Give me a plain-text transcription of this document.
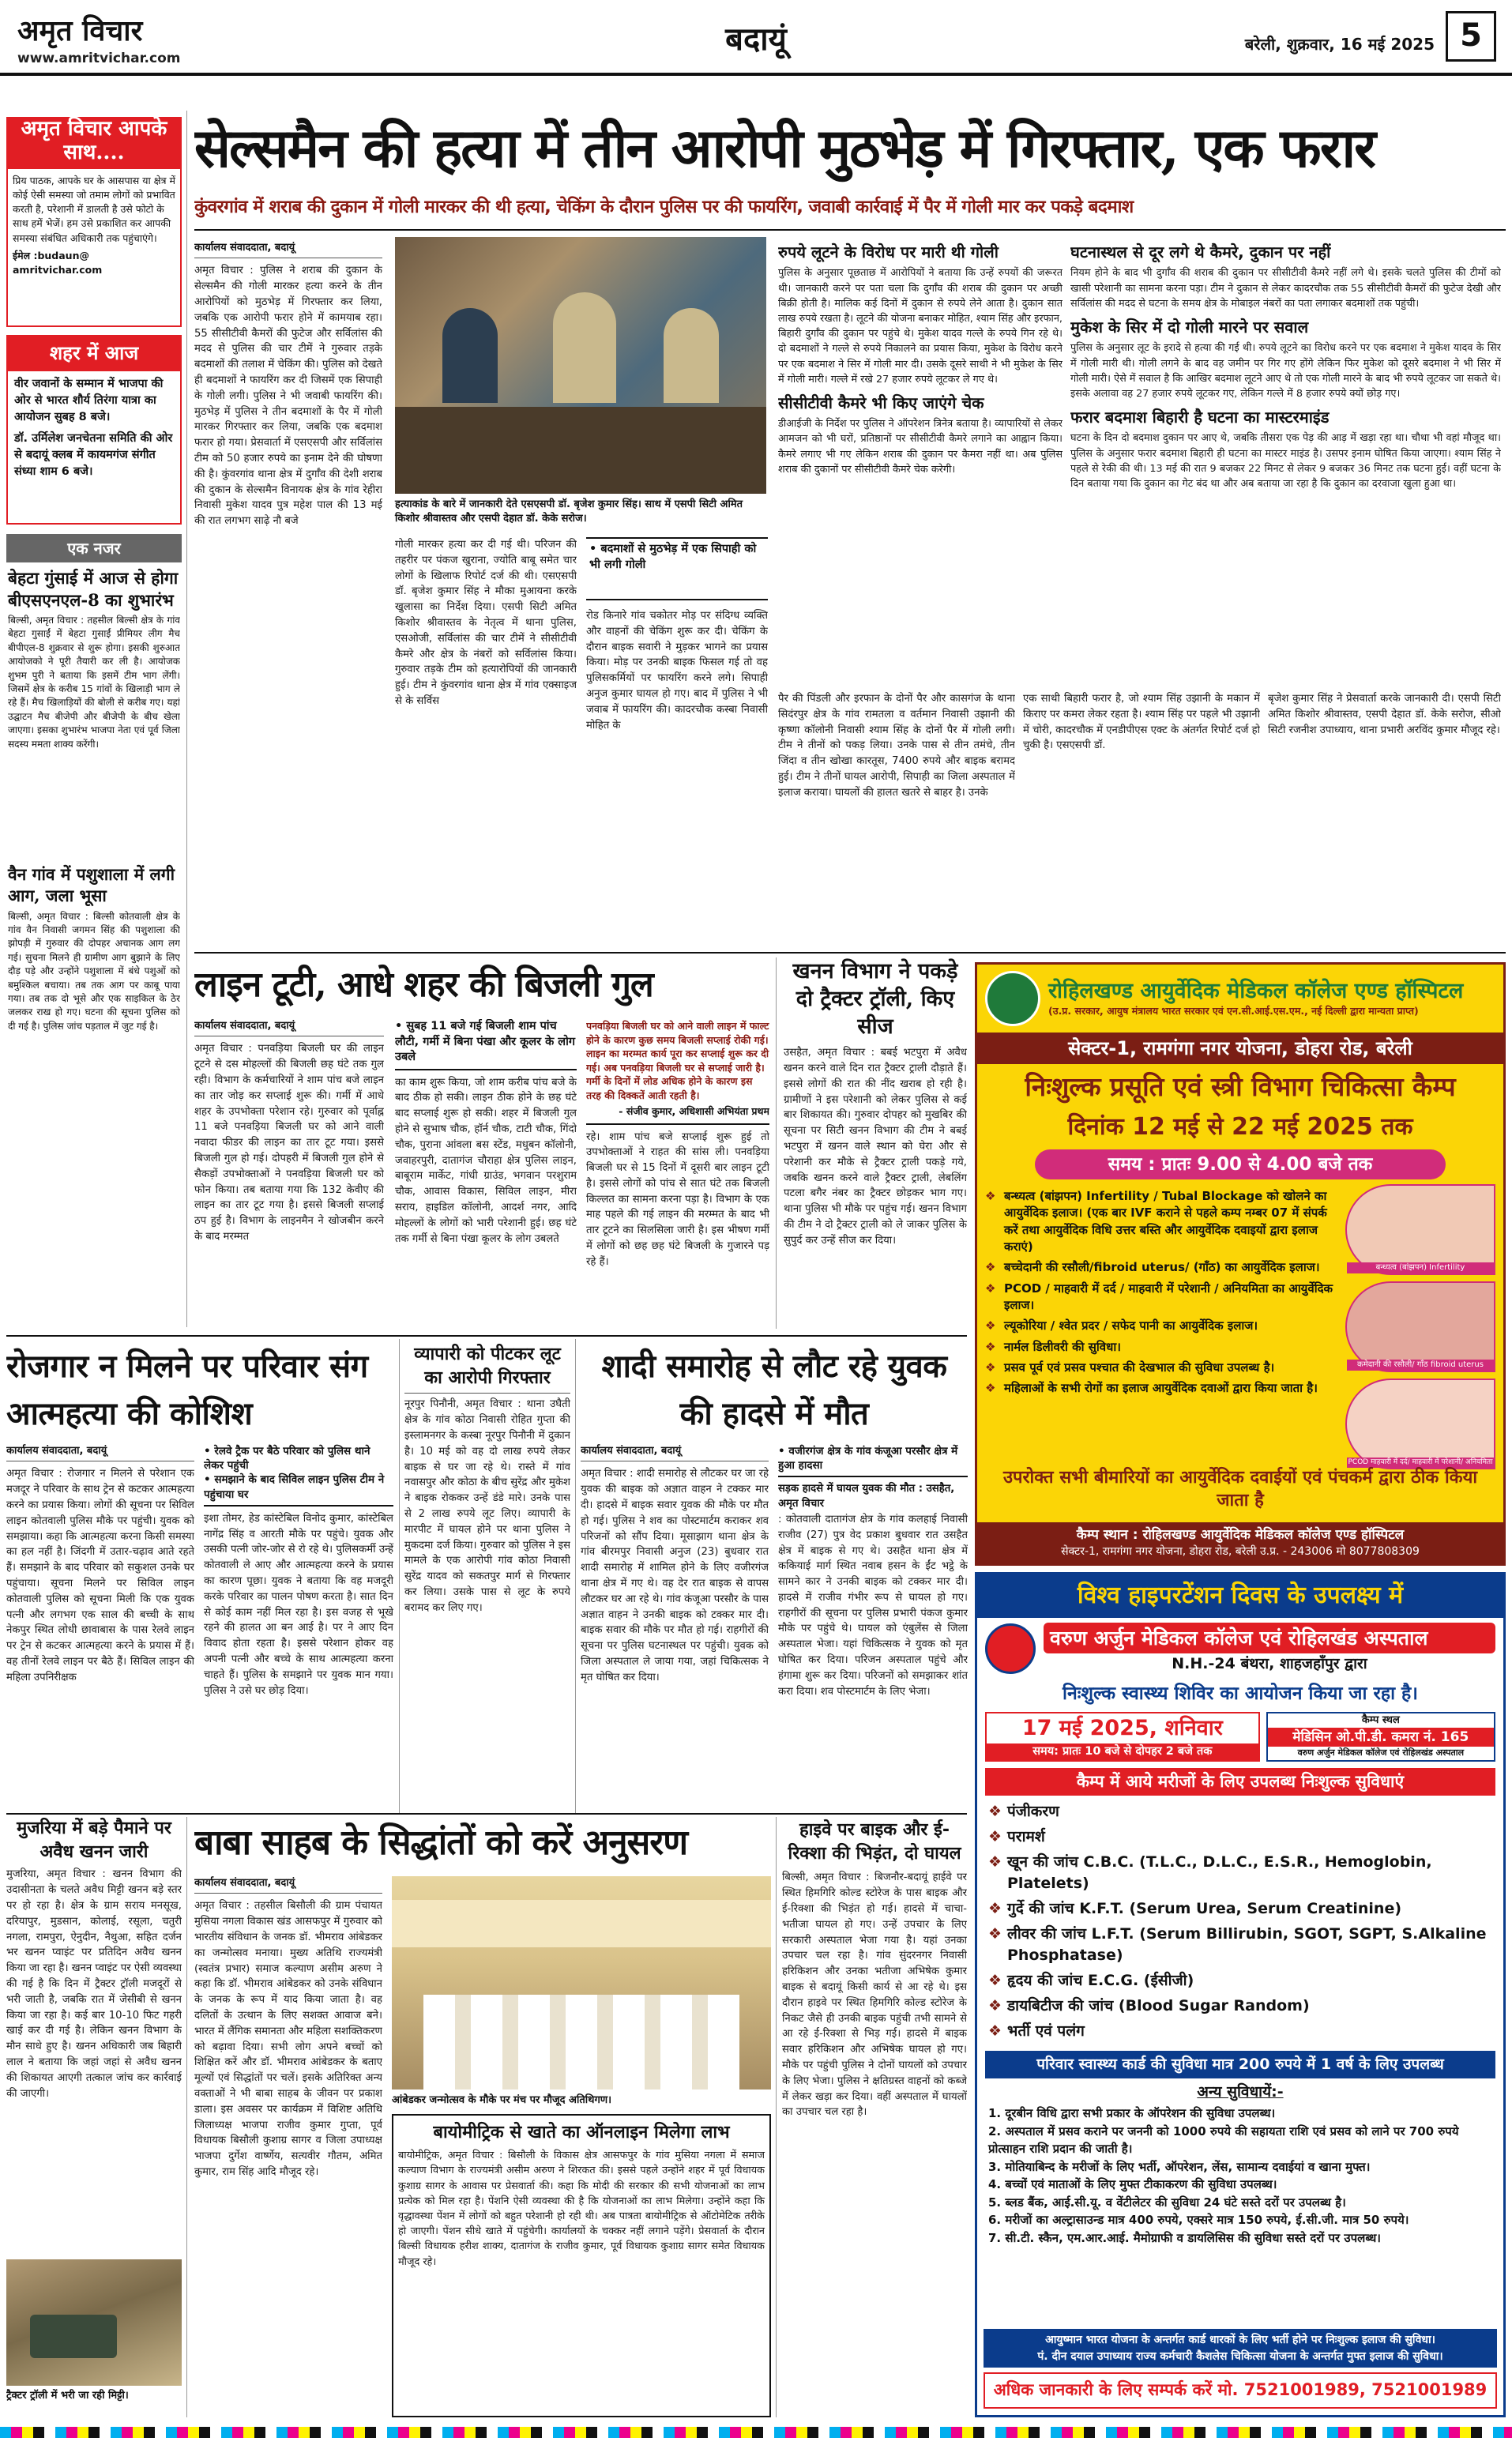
अमृत विचार
www.amritvichar.com
बदायूं	बरेली, शुक्रवार, 16 मई 2025 5
अमृत विचार आपके साथ....
प्रिय पाठक, आपके घर के आसपास या क्षेत्र में कोई ऐसी समस्या जो तमाम लोगों को प्रभावित करती है, परेशानी में डालती है उसे फोटो के साथ हमें भेजें। हम उसे प्रकाशित कर आपकी समस्या संबंधित अधिकारी तक पहुंचाएंगे।
ईमेल :budaun@ amritvichar.com
शहर में आज
वीर जवानों के सम्मान में भाजपा की ओर से भारत शौर्य तिरंगा यात्रा का आयोजन सुबह 8 बजे।
डॉ. उर्मिलेश जनचेतना समिति की ओर से बदायूं क्लब में कायमगंज संगीत संध्या शाम 6 बजे।
एक नजर
बेहटा गुंसाई में आज से होगा बीएसएनएल-8 का शुभारंभ
बिल्सी, अमृत विचार : तहसील बिल्सी क्षेत्र के गांव बेहटा गुसाईं में बेहटा गुसाईं प्रीमियर लीग मैच बीपीएल-8 शुक्रवार से शुरू होगा। इसकी शुरुआत आयोजको ने पूरी तैयारी कर ली है। आयोजक शुभम पुरी ने बताया कि इसमें टीम भाग लेंगी। जिसमें क्षेत्र के करीब 15 गांवों के खिलाड़ी भाग ले रहे हैं। मैच खिलाड़ियों की बोली से करीब गए। यहां उद्घाटन मैच बीजेपी और बीजेपी के बीच खेला जाएगा। इसका शुभारंभ भाजपा नेता एवं पूर्व जिला सदस्य ममता शाक्य करेंगी।
वैन गांव में पशुशाला में लगी आग, जला भूसा
बिल्सी, अमृत विचार : बिल्सी कोतवाली क्षेत्र के गांव वैन निवासी जगमन सिंह की पशुशाला की झोपड़ी में गुरुवार की दोपहर अचानक आग लग गई। सुचना मिलने ही ग्रामीण आग बुझाने के लिए दौड़ पड़े और उन्होंने पशुशाला में बंधे पशुओं को बमुश्किल बचाया। तब तक आग पर काबू पाया गया। तब तक दो भूसे और एक साइकिल के ठेर जलकर राख हो गए। घटना की सूचना पुलिस को दी गई है। पुलिस जांच पड़ताल में जुट गई है।
सेल्समैन की हत्या में तीन आरोपी मुठभेड़ में गिरफ्तार, एक फरार
कुंवरगांव में शराब की दुकान में गोली मारकर की थी हत्या, चेकिंग के दौरान पुलिस पर की फायरिंग, जवाबी कार्रवाई में पैर में गोली मार कर पकड़े बदमाश
कार्यालय संवाददाता, बदायूं
अमृत विचार : पुलिस ने शराब की दुकान के सेल्समैन की गोली मारकर हत्या करने के तीन आरोपियों को मुठभेड़ में गिरफ्तार कर लिया, जबकि एक आरोपी फरार होने में कामयाब रहा। 55 सीसीटीवी कैमरों की फुटेज और सर्विलांस की मदद से पुलिस की चार टीमें ने गुरुवार तड़के बदमाशों की तलाश में चेकिंग की। पुलिस को देखते ही बदमाशों ने फायरिंग कर दी जिसमें एक सिपाही के गोली लगी। पुलिस ने भी जवाबी फायरिंग की। मुठभेड़ में पुलिस ने तीन बदमाशों के पैर में गोली मारकर गिरफ्तार कर लिया, जबकि एक बदमाश फरार हो गया। प्रेसवार्ता में एसएसपी और सर्विलांस टीम को 50 हजार रुपये का इनाम देने की घोषणा की है। कुंवरगांव थाना क्षेत्र में दुर्गाँव की देशी शराब की दुकान के सेल्समैन विनायक क्षेत्र के गांव रेहीरा निवासी मुकेश यादव पुत्र महेश पाल की 13 मई की रात लगभग साढ़े नौ बजे
हत्याकांड के बारे में जानकारी देते एसएसपी डॉ. बृजेश कुमार सिंह। साथ में एसपी सिटी अमित किशोर श्रीवास्तव और एसपी देहात डॉ. केके सरोज।
गोली मारकर हत्या कर दी गई थी। परिजन की तहरीर पर पंकज खुराना, ज्योति बाबू समेत चार लोगों के खिलाफ रिपोर्ट दर्ज की थी। एसएसपी डॉ. बृजेश कुमार सिंह ने मौका मुआयना करके खुलासा का निर्देश दिया। एसपी सिटी अमित किशोर श्रीवास्तव के नेतृत्व में थाना पुलिस, एसओजी, सर्विलांस की चार टीमें ने सीसीटीवी कैमरे और क्षेत्र के नंबरों को सर्विलांस किया। गुरुवार तड़के टीम को हत्यारोपियों की जानकारी हुई। टीम ने कुंवरगांव थाना क्षेत्र में गांव एक्साइज से के सर्विस
• बदमाशों से मुठभेड़ में एक सिपाही को भी लगी गोली
रोड किनारे गांव चकोतर मोड़ पर संदिग्ध व्यक्ति और वाहनों की चेकिंग शुरू कर दी। चेकिंग के दौरान बाइक सवारी ने मुड़कर भागने का प्रयास किया। मोड़ पर उनकी बाइक फिसल गई तो वह पुलिसकर्मियों पर फायरिंग करने लगे। सिपाही अनुज कुमार घायल हो गए। बाद में पुलिस ने भी जवाब में फायरिंग की। कादरचौक कस्बा निवासी मोहित के
रुपये लूटने के विरोध पर मारी थी गोली
पुलिस के अनुसार पूछताछ में आरोपियों ने बताया कि उन्हें रुपयों की जरूरत थी। जानकारी करने पर पता चला कि दुर्गाँव की शराब की दुकान पर अच्छी बिक्री होती है। मालिक कई दिनों में दुकान से रुपये लेने आता है। दुकान सात लाख रुपये रखता है। लूटने की योजना बनाकर मोहित, श्याम सिंह और इरफान, बिहारी दुर्गाँव की दुकान पर पहुंचे थे। मुकेश यादव गल्ले के रुपये गिन रहे थे। दो बदमाशों ने गल्ले से रुपये निकालने का प्रयास किया, मुकेश के विरोध करने पर एक बदमाश ने सिर में गोली मार दी। उसके दूसरे साथी ने भी मुकेश के सिर में गोली मारी। गल्ले में रखे 27 हजार रुपये लूटकर ले गए थे।
सीसीटीवी कैमरे भी किए जाएंगे चेक
डीआईजी के निर्देश पर पुलिस ने ऑपरेशन त्रिनेत्र बताया है। व्यापारियों से लेकर आमजन को भी घरों, प्रतिष्ठानों पर सीसीटीवी कैमरे लगाने का आह्वान किया। कैमरे लगाए भी गए लेकिन शराब की दुकान पर कैमरा नहीं था। अब पुलिस शराब की दुकानों पर सीसीटीवी कैमरे चेक करेगी।
घटनास्थल से दूर लगे थे कैमरे, दुकान पर नहीं
नियम होने के बाद भी दुर्गाँव की शराब की दुकान पर सीसीटीवी कैमरे नहीं लगे थे। इसके चलते पुलिस की टीमों को खासी परेशानी का सामना करना पड़ा। टीम ने दुकान से लेकर कादरचौक तक 55 सीसीटीवी कैमरों की फुटेज देखी और सर्विलांस की मदद से घटना के समय क्षेत्र के मोबाइल नंबरों का पता लगाकर बदमाशों तक पहुंची।
मुकेश के सिर में दो गोली मारने पर सवाल
पुलिस के अनुसार लूट के इरादे से हत्या की गई थी। रुपये लूटने का विरोध करने पर एक बदमाश ने मुकेश यादव के सिर में गोली मारी थी। गोली लगने के बाद वह जमीन पर गिर गए होंगे लेकिन फिर मुकेश को दूसरे बदमाश ने भी सिर में गोली मारी। ऐसे में सवाल है कि आखिर बदमाश लूटने आए थे तो एक गोली मारने के बाद भी रुपये लूटकर जा सकते थे। इसके अलावा वह 27 हजार रुपये लूटकर गए, लेकिन गल्ले में 8 हजार रुपये क्यों छोड़ गए।
फरार बदमाश बिहारी है घटना का मास्टरमाइंड
घटना के दिन दो बदमाश दुकान पर आए थे, जबकि तीसरा एक पेड़ की आड़ में खड़ा रहा था। चौथा भी वहां मौजूद था। पुलिस के अनुसार फरार बदमाश बिहारी ही घटना का मास्टर माइंड है। उसपर इनाम घोषित किया जाएगा। श्याम सिंह ने पहले से रेकी की थी। 13 मई की रात 9 बजकर 22 मिनट से लेकर 9 बजकर 36 मिनट तक घटना हुई। वहीं घटना के दिन बताया गया कि दुकान का गेट बंद था और अब बताया जा रहा है कि दुकान का दरवाजा खुला हुआ था।
पैर की पिंडली और इरफान के दोनों पैर और कासगंज के थाना सिदंरपुर क्षेत्र के गांव रामतला व वर्तमान निवासी उझानी की कृष्णा कॉलोनी निवासी श्याम सिंह के दोनों पैर में गोली लगी। टीम ने तीनों को पकड़ लिया। उनके पास से तीन तमंचे, तीन जिंदा व तीन खोखा कारतूस, 7400 रुपये और बाइक बरामद हुई। टीम ने तीनों घायल आरोपी, सिपाही का जिला अस्पताल में इलाज कराया। घायलों की हालत खतरे से बाहर है। उनके
एक साथी बिहारी फरार है, जो श्याम सिंह उझानी के मकान में किराए पर कमरा लेकर रहता है। श्याम सिंह पर पहले भी उझानी में चोरी, कादरचौक में एनडीपीएस एक्ट के अंतर्गत रिपोर्ट दर्ज हो चुकी है। एसएसपी डॉ.
बृजेश कुमार सिंह ने प्रेसवार्ता करके जानकारी दी। एसपी सिटी अमित किशोर श्रीवास्तव, एसपी देहात डॉ. केके सरोज, सीओ सिटी रजनीश उपाध्याय, थाना प्रभारी अरविंद कुमार मौजूद रहे।
लाइन टूटी, आधे शहर की बिजली गुल
कार्यालय संवाददाता, बदायूं
अमृत विचार : पनवड़िया बिजली घर की लाइन टूटने से दस मोहल्लों की बिजली छह घंटे तक गुल रही। विभाग के कर्मचारियों ने शाम पांच बजे लाइन का तार जोड़ कर सप्लाई शुरू की। गर्मी में आधे शहर के उपभोक्ता परेशान रहे। गुरुवार को पूर्वाह्न 11 बजे पनवड़िया बिजली घर को आने वाली नवादा फीडर की लाइन का तार टूट गया। इससे बिजली गुल हो गई। दोपहरी में बिजली गुल होने से सैकड़ों उपभोक्ताओं ने पनवड़िया बिजली घर को फोन किया। तब बताया गया कि 132 केवीए की लाइन का तार टूट गया है। इससे बिजली सप्लाई ठप हुई है। विभाग के लाइनमैन ने खोजबीन करने के बाद मरम्मत
• सुबह 11 बजे गई बिजली शाम पांच लौटी, गर्मी में बिना पंखा और कूलर के लोग उबले
का काम शुरू किया, जो शाम करीब पांच बजे के बाद ठीक हो सकी। लाइन ठीक होने के छह घंटे बाद सप्लाई शुरू हो सकी। शहर में बिजली गुल होने से सुभाष चौक, हॉर्न चौक, टाटी चौक, गिंदो चौक, पुराना आंवला बस स्टेंड, मधुबन कॉलोनी, जवाहरपुरी, दातागंज चौराहा क्षेत्र पुलिस लाइन, बाबूराम मार्केट, गांधी ग्राउंड, भगवान परशुराम चौक, आवास विकास, सिविल लाइन, मीरा सराय, हाइडिल कॉलोनी, आदर्श नगर, आदि मोहल्लों के लोगों को भारी परेशानी हुई। छह घंटे तक गर्मी से बिना पंखा कूलर के लोग उबलते
पनवड़िया बिजली घर को आने वाली लाइन में फाल्ट होने के कारण कुछ समय बिजली सप्लाई रोकी गई। लाइन का मरम्मत कार्य पूरा कर सप्लाई शुरू कर दी गई। अब पनवड़िया बिजली घर से सप्लाई जारी है। गर्मी के दिनों में लोड अधिक होने के कारण इस तरह की दिक्कतें आती रहती है।
- संजीव कुमार, अधिशासी अभियंता प्रथम
रहे। शाम पांच बजे सप्लाई शुरू हुई तो उपभोक्ताओं ने राहत की सांस ली। पनवड़िया बिजली घर से 15 दिनों में दूसरी बार लाइन टूटी है। इससे लोगों को पांच से सात घंटे तक बिजली किल्लत का सामना करना पड़ा है। विभाग के एक माह पहले की गई लाइन की मरम्मत के बाद भी तार टूटने का सिलसिला जारी है। इस भीषण गर्मी में लोगों को छह छह घंटे बिजली के गुजारने पड़ रहे हैं।
खनन विभाग ने पकड़े दो ट्रैक्टर ट्रॉली, किए सीज
उसहैत, अमृत विचार : बबई भटपुरा में अवैध खनन करने वाले दिन रात ट्रैक्टर ट्राली दौड़ाते हैं। इससे लोगों की रात की नींद खराब हो रही है। ग्रामीणों ने इस परेशानी को लेकर पुलिस से कई बार शिकायत की। गुरुवार दोपहर को मुखबिर की सूचना पर सिटी खनन विभाग की टीम ने बबई भटपुरा में खनन वाले स्थान को घेरा और से परेशानी कर मौके से ट्रैक्टर ट्राली पकड़े गये, जबकि खनन करने वाले ट्रैक्टर ट्राली, लेबलिंग पटला बगैर नंबर का ट्रैक्टर छोड़कर भाग गए। थाना पुलिस भी मौके पर पहुंच गई। खनन विभाग की टीम ने दो ट्रैक्टर ट्राली को ले जाकर पुलिस के सुपुर्द कर उन्हें सीज कर दिया।
रोहिलखण्ड आयुर्वेदिक मेडिकल कॉलेज एण्ड हॉस्पिटल
(उ.प्र. सरकार, आयुष मंत्रालय भारत सरकार एवं एन.सी.आई.एस.एम., नई दिल्ली द्वारा मान्यता प्राप्त)
सेक्टर-1, रामगंगा नगर योजना, डोहरा रोड, बरेली
निःशुल्क प्रसूति एवं स्त्री विभाग चिकित्सा कैम्प
दिनांक 12 मई से 22 मई 2025 तक
समय : प्रातः 9.00 से 4.00 बजे तक
❖ बन्ध्यत्व (बांझपन) Infertility / Tubal Blockage को खोलने का आयुर्वेदिक इलाज। (एक बार IVF कराने से पहले कम्प नम्बर 07 में संपर्क करें तथा आयुर्वेदिक विधि उत्तर बस्ति और आयुर्वेदिक दवाइयों द्वारा इलाज कराएं)
❖ बच्चेदानी की रसौली/fibroid uterus/ (गाँठ) का आयुर्वेदिक इलाज।
❖ PCOD / माहवारी में दर्द / माहवारी में परेशानी / अनियमिता का आयुर्वेदिक इलाज।
❖ ल्यूकोरिया / श्वेत प्रदर / सफेद पानी का आयुर्वेदिक इलाज।
❖ नार्मल डिलीवरी की सुविधा।
❖ प्रसव पूर्व एवं प्रसव पश्चात की देखभाल की सुविधा उपलब्ध है।
❖ महिलाओं के सभी रोगों का इलाज आयुर्वेदिक दवाओं द्वारा किया जाता है।
बन्ध्यत्व (बांझपन) Infertility
कमेदानी की रसौली/ गाँठ fibroid uterus
PCOD माहवारी में दर्द/ माहवारी में परेशानी/ अनियमिता
उपरोक्त सभी बीमारियों का आयुर्वेदिक दवाईयों एवं पंचकर्म द्वारा ठीक किया जाता है
कैम्प स्थान : रोहिलखण्ड आयुर्वेदिक मेडिकल कॉलेज एण्ड हॉस्पिटल
सेक्टर-1, रामगंगा नगर योजना, डोहरा रोड, बरेली उ.प्र. - 243006 मो 8077808309
रोजगार न मिलने पर परिवार संग आत्महत्या की कोशिश
कार्यालय संवाददाता, बदायूं
अमृत विचार : रोजगार न मिलने से परेशान एक मजदूर ने परिवार के साथ ट्रेन से कटकर आत्महत्या करने का प्रयास किया। लोगों की सूचना पर सिविल लाइन कोतवाली पुलिस मौके पर पहुंची। युवक को समझाया। कहा कि आत्महत्या करना किसी समस्या का हल नहीं है। जिंदगी में उतार-चढ़ाव आते रहते हैं। समझाने के बाद परिवार को सकुशल उनके घर पहुंचाया। सूचना मिलने पर सिविल लाइन कोतवाली पुलिस को सूचना मिली कि एक युवक पत्नी और लगभग एक साल की बच्ची के साथ नेकपुर स्थित लोधी छावाबास के पास रेलवे लाइन पर ट्रेन से कटकर आत्महत्या करने के प्रयास में हैं। वह तीनों रेलवे लाइन पर बैठे हैं। सिविल लाइन की महिला उपनिरीक्षक
• रेलवे ट्रैक पर बैठे परिवार को पुलिस थाने लेकर पहुंची
• समझाने के बाद सिविल लाइन पुलिस टीम ने पहुंचाया घर
इशा तोमर, हेड कांस्टेबिल विनोद कुमार, कांस्टेबिल नागेंद्र सिंह व आरती मौके पर पहुंचे। युवक और उसकी पत्नी जोर-जोर से रो रहे थे। पुलिसकर्मी उन्हें कोतवाली ले आए और आत्महत्या करने के प्रयास का कारण पूछा। युवक ने बताया कि वह मजदूरी करके परिवार का पालन पोषण करता है। सात दिन से कोई काम नहीं मिल रहा है। इस वजह से भूखे रहने की हालत आ बन आई है। पर ने आए दिन विवाद होता रहता है। इससे परेशान होकर वह अपनी पत्नी और बच्चे के साथ आत्महत्या करना चाहते हैं। पुलिस के समझाने पर युवक मान गया। पुलिस ने उसे घर छोड़ दिया।
व्यापारी को पीटकर लूट का आरोपी गिरफ्तार
नूरपुर पिनौनी, अमृत विचार : थाना उघैती क्षेत्र के गांव कोठा निवासी रोहित गुप्ता की इस्लामनगर के कस्बा नूरपुर पिनौनी में दुकान है। 10 मई को वह दो लाख रुपये लेकर बाइक से घर जा रहे थे। रास्ते में गांव नवासपुर और कोठा के बीच सुरेंद्र और मुकेश ने बाइक रोककर उन्हें डंडे मारे। उनके पास से 2 लाख रुपये लूट लिए। व्यापारी के मारपीट में घायल होने पर थाना पुलिस ने मुकदमा दर्ज किया। गुरुवार को पुलिस ने इस मामले के एक आरोपी गांव कोठा निवासी सुरेंद्र यादव को सकतपुर मार्ग से गिरफ्तार कर लिया। उसके पास से लूट के रुपये बरामद कर लिए गए।
शादी समारोह से लौट रहे युवक की हादसे में मौत
कार्यालय संवाददाता, बदायूं
अमृत विचार : शादी समारोह से लौटकर घर जा रहे युवक की बाइक को अज्ञात वाहन ने टक्कर मार दी। हादसे में बाइक सवार युवक की मौके पर मौत हो गई। पुलिस ने शव का पोस्टमार्टम कराकर शव परिजनों को सौंप दिया। मूसाझाग थाना क्षेत्र के गांव बीरमपुर निवासी अनुज (23) बुधवार रात शादी समारोह में शामिल होने के लिए वजीरगंज थाना क्षेत्र में गए थे। वह देर रात बाइक से वापस लौटकर घर आ रहे थे। गांव कंजूआ परसौर के पास अज्ञात वाहन ने उनकी बाइक को टक्कर मार दी। बाइक सवार की मौके पर मौत हो गई। राहगीरों की सूचना पर पुलिस घटनास्थल पर पहुंची। युवक को जिला अस्पताल ले जाया गया, जहां चिकित्सक ने मृत घोषित कर दिया।
• वजीरगंज क्षेत्र के गांव कंजूआ परसौर क्षेत्र में हुआ हादसा
सड़क हादसे में घायल युवक की मौत : उसहैत, अमृत विचार
: कोतवाली दातागंज क्षेत्र के गांव कलहाई निवासी राजीव (27) पुत्र वेद प्रकाश बुधवार रात उसहैत क्षेत्र में बाइक से गए थे। उसहैत थाना क्षेत्र में ककियाई मार्ग स्थित नवाब हसन के ईंट भट्ठे के सामने कार ने उनकी बाइक को टक्कर मार दी। हादसे में राजीव गंभीर रूप से घायल हो गए। राहगीरों की सूचना पर पुलिस प्रभारी पंकज कुमार मौके पर पहुंचे थे। घायल को एंबुलेंस से जिला अस्पताल भेजा। यहां चिकित्सक ने युवक को मृत घोषित कर दिया। परिजन अस्पताल पहुंचे और हंगामा शुरू कर दिया। परिजनों को समझाकर शांत करा दिया। शव पोस्टमार्टम के लिए भेजा।
विश्व हाइपरटेंशन दिवस के उपलक्ष्य में
वरुण अर्जुन मेडिकल कॉलेज एवं रोहिलखंड अस्पताल
N.H.-24 बंथरा, शाहजहाँपुर द्वारा
निःशुल्क स्वास्थ्य शिविर का आयोजन किया जा रहा है।
17 मई 2025, शनिवार
समय: प्रातः 10 बजे से दोपहर 2 बजे तक
कैम्प स्थल
मेडिसिन ओ.पी.डी. कमरा नं. 165
वरुण अर्जुन मेडिकल कॉलेज एवं रोहिलखंड अस्पताल
कैम्प में आये मरीजों के लिए उपलब्ध निःशुल्क सुविधाएं
❖ पंजीकरण
❖ परामर्श
❖ खून की जांच C.B.C. (T.L.C., D.L.C., E.S.R., Hemoglobin, Platelets)
❖ गुर्दे की जांच K.F.T. (Serum Urea, Serum Creatinine)
❖ लीवर की जांच L.F.T. (Serum Billirubin, SGOT, SGPT, S.Alkaline Phosphatase)
❖ हृदय की जांच E.C.G. (ईसीजी)
❖ डायबिटीज की जांच (Blood Sugar Random)
❖ भर्ती एवं पलंग
परिवार स्वास्थ्य कार्ड की सुविधा मात्र 200 रुपये में 1 वर्ष के लिए उपलब्ध
अन्य सुविधायें:-
1. दूरबीन विधि द्वारा सभी प्रकार के ऑपरेशन की सुविधा उपलब्ध।
2. अस्पताल में प्रसव कराने पर जननी को 1000 रुपये की सहायता राशि एवं प्रसव को लाने पर 700 रुपये प्रोत्साहन राशि प्रदान की जाती है।
3. मोतियाबिन्द के मरीजों के लिए भर्ती, ऑपरेशन, लेंस, सामान्य दवाईयां व खाना मुफ्त।
4. बच्चों एवं माताओं के लिए मुफ्त टीकाकरण की सुविधा उपलब्ध।
5. ब्लड बैंक, आई.सी.यू. व वेंटीलेटर की सुविधा 24 घंटे सस्ते दरों पर उपलब्ध है।
6. मरीजों का अल्ट्रासाउन्ड मात्र 400 रुपये, एक्सरे मात्र 150 रुपये, ई.सी.जी. मात्र 50 रुपये।
7. सी.टी. स्कैन, एम.आर.आई. मैमोग्राफी व डायलिसिस की सुविधा सस्ते दरों पर उपलब्ध।
आयुष्मान भारत योजना के अन्तर्गत कार्ड धारकों के लिए भर्ती होने पर निःशुल्क इलाज की सुविधा।
पं. दीन दयाल उपाध्याय राज्य कर्मचारी कैशलेस चिकित्सा योजना के अन्तर्गत मुफ्त इलाज की सुविधा।
अधिक जानकारी के लिए सम्पर्क करें मो. 7521001989, 7521001989
मुजरिया में बड़े पैमाने पर अवैध खनन जारी
मुजरिया, अमृत विचार : खनन विभाग की उदासीनता के चलते अवैध मिट्टी खनन बड़े स्तर पर हो रहा है। क्षेत्र के ग्राम सराय मनसूख, दरियापुर, मुडसान, कोलाई, रसूला, चतुरी नगला, रामपुरा, ऐनुदीन, नैथुआ, सहित दर्जन भर खनन प्वाइंट पर प्रतिदिन अवैध खनन किया जा रहा है। खनन प्वाइंट पर ऐसी व्यवस्था की गई है कि दिन में ट्रैक्टर ट्रॉली मजदूरों से भरी जाती है, जबकि रात में जेसीबी से खनन किया जा रहा है। कई बार 10-10 फिट गहरी खाई कर दी गई है। लेकिन खनन विभाग के मौन साधे हुए है। खनन अधिकारी जब बिहारी लाल ने बताया कि जहां जहां से अवैध खनन की शिकायत आएगी तत्काल जांच कर कार्रवाई की जाएगी।
ट्रैक्टर ट्रॉली में भरी जा रही मिट्टी।
बाबा साहब के सिद्धांतों को करें अनुसरण
कार्यालय संवाददाता, बदायूं
अमृत विचार : तहसील बिसौली की ग्राम पंचायत मुसिया नगला विकास खंड आसफपुर में गुरुवार को भारतीय संविधान के जनक डॉ. भीमराव आंबेडकर का जन्मोत्सव मनाया। मुख्य अतिथि राज्यमंत्री (स्वतंत्र प्रभार) समाज कल्याण असीम अरुण ने कहा कि डॉ. भीमराव आंबेडकर को उनके संविधान के जनक के रूप में याद किया जाता है। वह दलितों के उत्थान के लिए सशक्त आवाज बने। भारत में लैंगिक समानता और महिला सशक्तिकरण को बढ़ावा दिया। सभी लोग अपने बच्चों को शिक्षित करें और डॉ. भीमराव आंबेडकर के बताए मूल्यों एवं सिद्धांतों पर चलें। इसके अतिरिक्त अन्य वक्ताओं ने भी बाबा साहब के जीवन पर प्रकाश डाला। इस अवसर पर कार्यक्रम में विशिष्ट अतिथि जिलाध्यक्ष भाजपा राजीव कुमार गुप्ता, पूर्व विधायक बिसौली कुशाग्र सागर व जिला उपाध्यक्ष भाजपा दुर्गेश वार्ष्णेय, सत्यवीर गौतम, अमित कुमार, राम सिंह आदि मौजूद रहे।
आंबेडकर जन्मोत्सव के मौके पर मंच पर मौजूद अतिथिगण।
बायोमीट्रिक से खाते का ऑनलाइन मिलेगा लाभ
बायोमीट्रिक, अमृत विचार : बिसौली के विकास क्षेत्र आसफपुर के गांव मुसिया नगला में समाज कल्याण विभाग के राज्यमंत्री असीम अरुण ने शिरकत की। इससे पहले उन्होंने शहर में पूर्व विधायक कुशाग्र सागर के आवास पर प्रेसवार्ता की। कहा कि मोदी की सरकार की सभी योजनाओं का लाभ प्रत्येक को मिल रहा है। पेंशनि ऐसी व्यवस्था की है कि योजनाओं का लाभ मिलेगा। उन्होंने कहा कि वृद्धावस्था पेंशन में लोगों को बहुत परेशानी हो रही थी। अब पात्रता बायोमीट्रिक से ऑटोमेटिक तरीके हो जाएगी। पेंशन सीधे खाते में पहुंचेगी। कार्यालयों के चक्कर नहीं लगाने पड़ेंगे। प्रेसवार्ता के दौरान बिल्सी विधायक हरीश शाक्य, दातागंज के राजीव कुमार, पूर्व विधायक कुशाग्र सागर समेत विधायक मौजूद रहे।
हाइवे पर बाइक और ई-रिक्शा की भिड़ंत, दो घायल
बिल्सी, अमृत विचार : बिजनौर-बदायूं हाईवे पर स्थित हिमगिरि कोल्ड स्टोरेज के पास बाइक और ई-रिक्शा की भिड़ंत हो गई। हादसे में चाचा-भतीजा घायल हो गए। उन्हें उपचार के लिए सरकारी अस्पताल भेजा गया है। यहां उनका उपचार चल रहा है। गांव सुंदरनगर निवासी हरिकिशन और उनका भतीजा अभिषेक कुमार बाइक से बदायूं किसी कार्य से आ रहे थे। इस दौरान हाइवे पर स्थित हिमगिरि कोल्ड स्टोरेज के निकट जैसे ही उनकी बाइक पहुंची तभी सामने से आ रहे ई-रिक्शा से भिड़ गई। हादसे में बाइक सवार हरिकिशन और अभिषेक घायल हो गए। मौके पर पहुंची पुलिस ने दोनों घायलों को उपचार के लिए भेजा। पुलिस ने क्षतिग्रस्त वाहनों को कब्जे में लेकर खड़ा कर दिया। वहीं अस्पताल में घायलों का उपचार चल रहा है।
